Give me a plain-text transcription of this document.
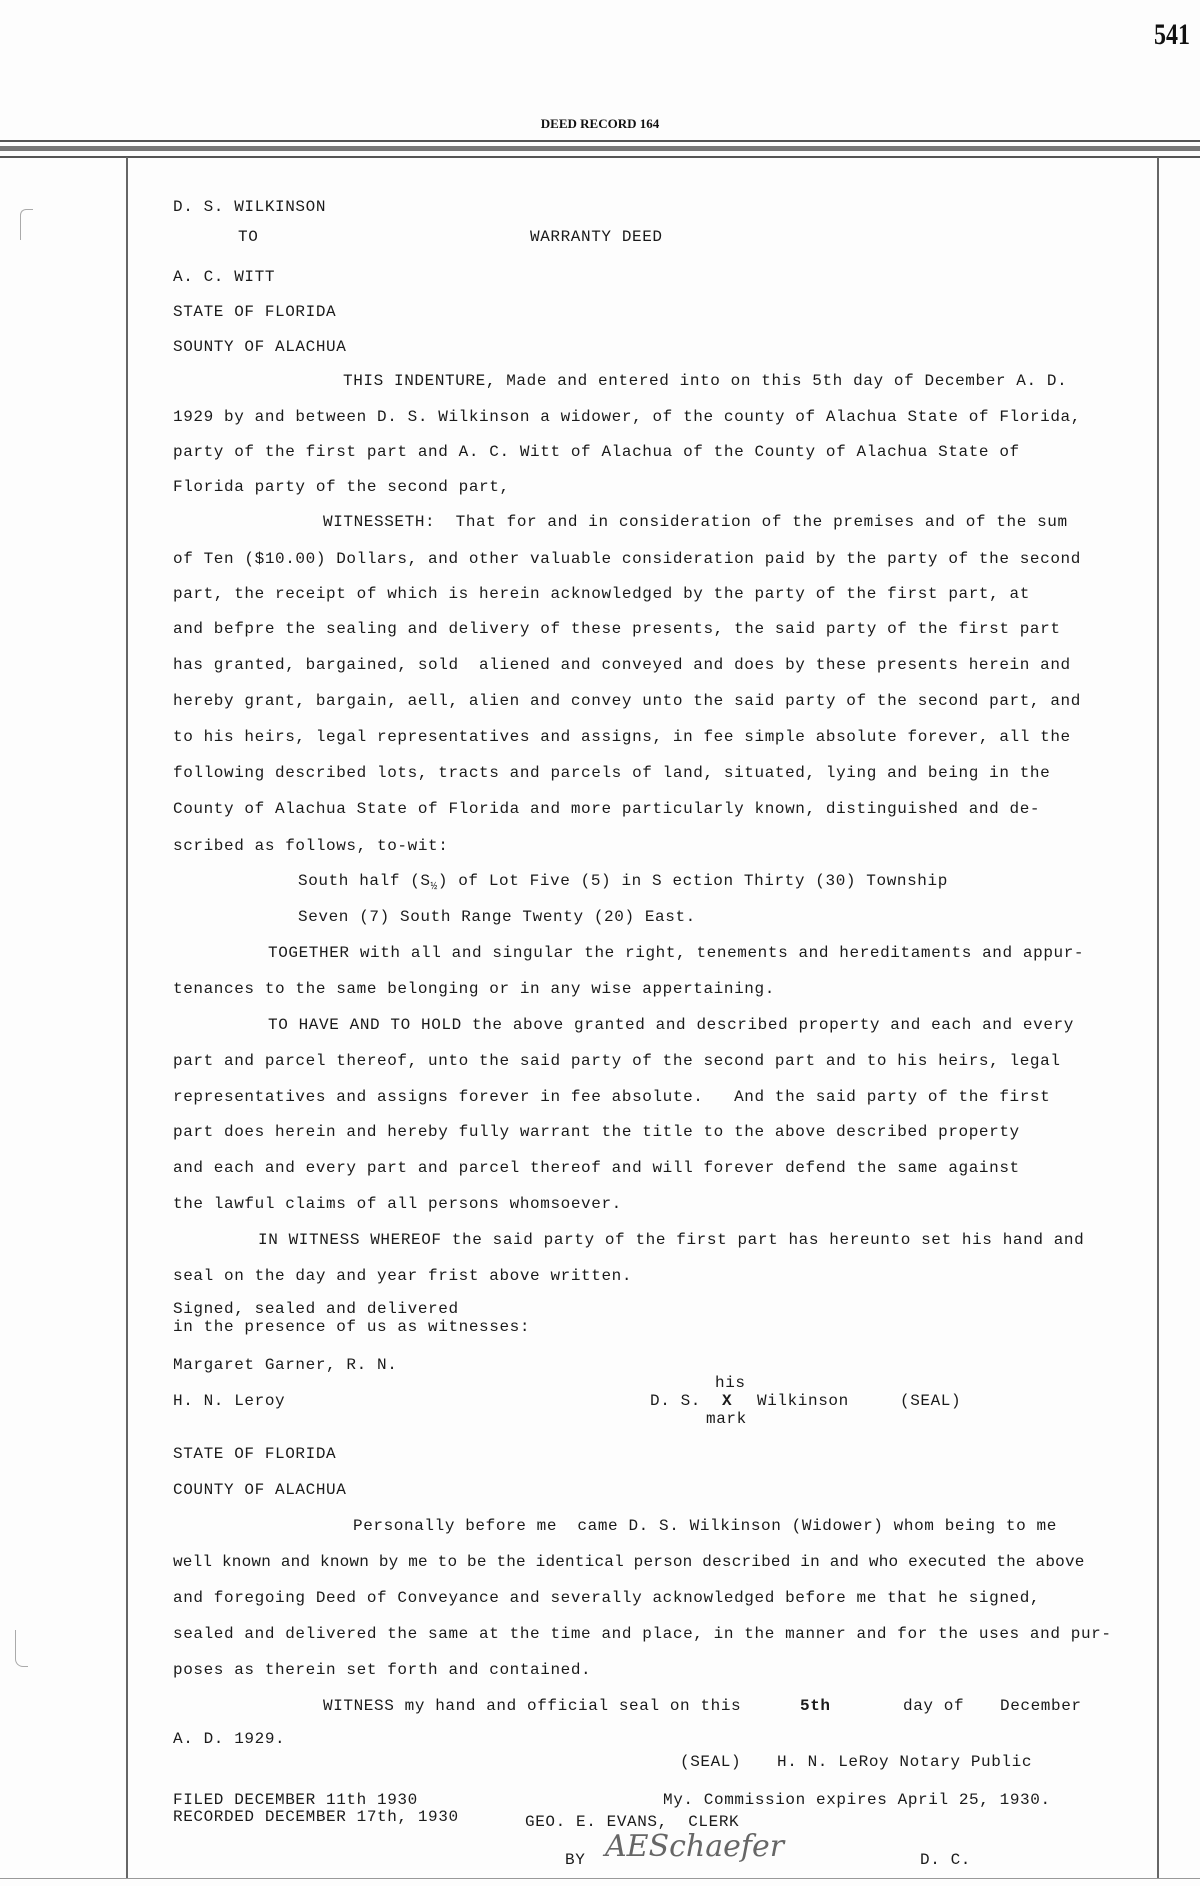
541
DEED RECORD 164
D. S. WILKINSON
TO	WARRANTY DEED
A. C. WITT
STATE OF FLORIDA
SOUNTY OF ALACHUA
THIS INDENTURE, Made and entered into on this 5th day of December A. D.
1929 by and between D. S. Wilkinson a widower, of the county of Alachua State of Florida,
party of the first part and A. C. Witt of Alachua of the County of Alachua State of
Florida party of the second part,
WITNESSETH:  That for and in consideration of the premises and of the sum
of Ten ($10.00) Dollars, and other valuable consideration paid by the party of the second
part, the receipt of which is herein acknowledged by the party of the first part, at
and befpre the sealing and delivery of these presents, the said party of the first part
has granted, bargained, sold  aliened and conveyed and does by these presents herein and
hereby grant, bargain, aell, alien and convey unto the said party of the second part, and
to his heirs, legal representatives and assigns, in fee simple absolute forever, all the
following described lots, tracts and parcels of land, situated, lying and being in the
County of Alachua State of Florida and more particularly known, distinguished and de-
scribed as follows, to-wit:
South half $(S_{\frac{1}{2}})$ of Lot Five (5) in S ection Thirty (30) Township
Seven (7) South Range Twenty (20) East.
TOGETHER with all and singular the right, tenements and hereditaments and appur-
tenances to the same belonging or in any wise appertaining.
TO HAVE AND TO HOLD the above granted and described property and each and every
part and parcel thereof, unto the said party of the second part and to his heirs, legal
representatives and assigns forever in fee absolute.   And the said party of the first
part does herein and hereby fully warrant the title to the above described property
and each and every part and parcel thereof and will forever defend the same against
the lawful claims of all persons whomsoever.
IN WITNESS WHEREOF the said party of the first part has hereunto set his hand and
seal on the day and year frist above written.
Signed, sealed and delivered
in the presence of us as witnesses:
Margaret Garner, R. N.
H. N. Leroy
his
D. S. X Wilkinson	(SEAL)
mark
STATE OF FLORIDA
COUNTY OF ALACHUA
Personally before me  came D. S. Wilkinson (Widower) whom being to me
well known and known by me to be the identical person described in and who executed the above
and foregoing Deed of Conveyance and severally acknowledged before me that he signed,
sealed and delivered the same at the time and place, in the manner and for the uses and pur-
poses as therein set forth and contained.
WITNESS my hand and official seal on this	5th	day of December
A. D. 1929.
(SEAL) H. N. LeRoy Notary Public
My. Commission expires April 25, 1930.
FILED DECEMBER 11th 1930
RECORDED DECEMBER 17th, 1930	GEO. E. EVANS,  CLERK
BY AESchaefer	D. C.
